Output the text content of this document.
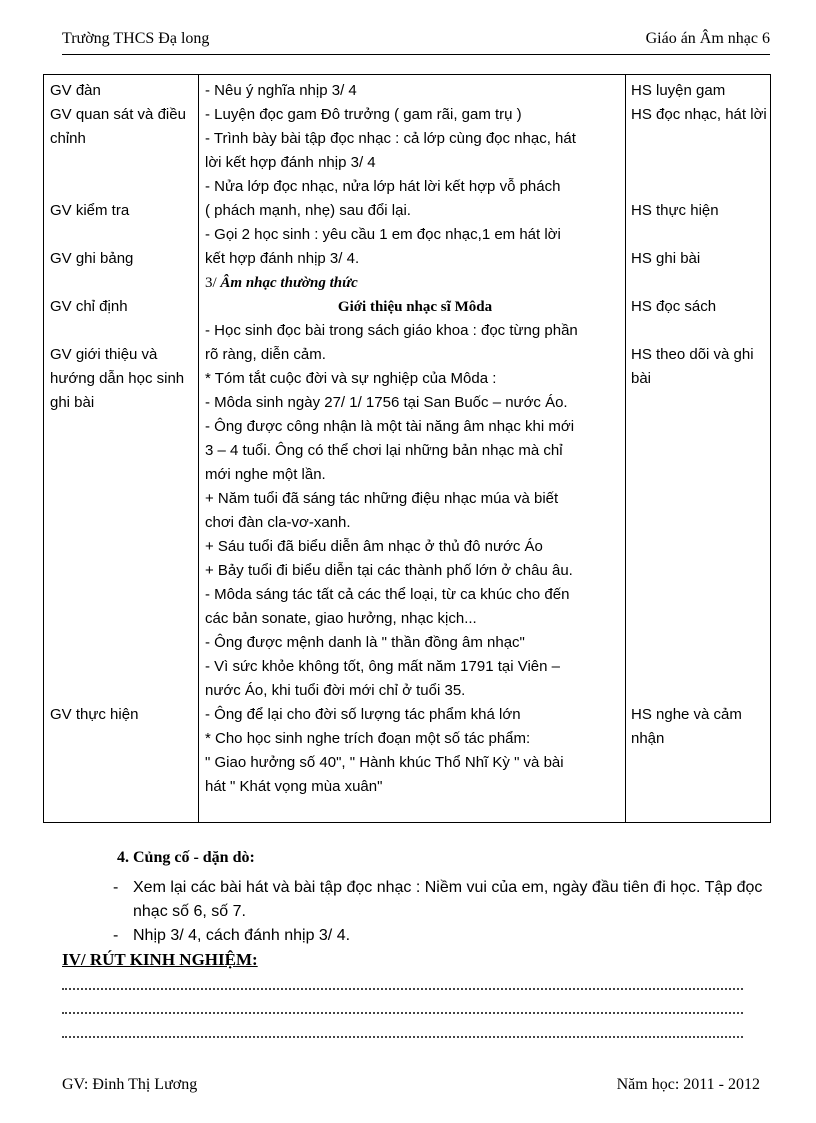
Trường THCS Đạ long	Giáo án Âm nhạc 6
GV đàn
GV quan sát và điều chỉnh
GV kiểm tra
GV ghi bảng
GV chỉ định
GV giới thiệu và hướng dẫn học sinh ghi bài
GV thực hiện
- Nêu ý nghĩa nhịp 3/ 4
- Luyện đọc gam Đô trưởng ( gam rãi, gam trụ )
- Trình bày bài tập đọc nhạc : cả lớp cùng đọc nhạc, hát
lời kết hợp đánh nhịp 3/ 4
- Nửa lớp đọc nhạc, nửa lớp hát lời kết hợp vỗ phách
( phách mạnh, nhẹ) sau đổi lại.
- Gọi 2 học sinh : yêu cầu 1 em đọc nhạc,1 em hát lời
kết hợp đánh nhịp 3/ 4.
3/ Âm nhạc thường thức
Giới thiệu nhạc sĩ Môda
- Học sinh đọc bài trong sách giáo khoa : đọc từng phần
rõ ràng, diễn cảm.
* Tóm tắt cuộc đời và sự nghiệp của Môda :
- Môda sinh ngày 27/ 1/ 1756 tại San Buốc – nước Áo.
- Ông được công nhận là một tài năng âm nhạc khi mới
3 – 4 tuổi. Ông có thể chơi lại những bản nhạc mà chỉ
mới nghe một lần.
+ Năm tuổi đã sáng tác những điệu nhạc múa và biết
chơi đàn cla-vơ-xanh.
+ Sáu tuổi đã biểu diễn âm nhạc ở thủ đô nước Áo
+ Bảy tuổi đi biểu diễn tại các thành phố lớn ở châu âu.
- Môda sáng tác tất cả các thể loại, từ ca khúc cho đến
các bản sonate, giao hưởng, nhạc kịch...
- Ông được mệnh danh là " thần đồng âm nhạc"
- Vì sức khỏe không tốt, ông mất năm 1791 tại Viên –
nước Áo, khi tuổi đời mới chỉ ở tuổi 35.
- Ông để lại cho đời số lượng tác phẩm khá lớn
* Cho học sinh nghe trích đoạn một số tác phẩm:
" Giao hưởng số 40", " Hành khúc Thổ Nhĩ Kỳ " và bài
hát " Khát vọng mùa xuân"
HS luyện gam
HS đọc nhạc, hát lời
HS thực hiện
HS ghi bài
HS đọc sách
HS theo dõi và ghi bài
HS nghe và cảm nhận
4. Củng cố - dặn dò:
- Xem lại các bài hát và bài tập đọc nhạc : Niềm vui của em, ngày đầu tiên đi học. Tập đọc nhạc số 6, số 7.
- Nhịp 3/ 4, cách đánh nhịp 3/ 4.
IV/ RÚT KINH NGHIỆM:
GV: Đinh Thị Lương	Năm học: 2011 - 2012
